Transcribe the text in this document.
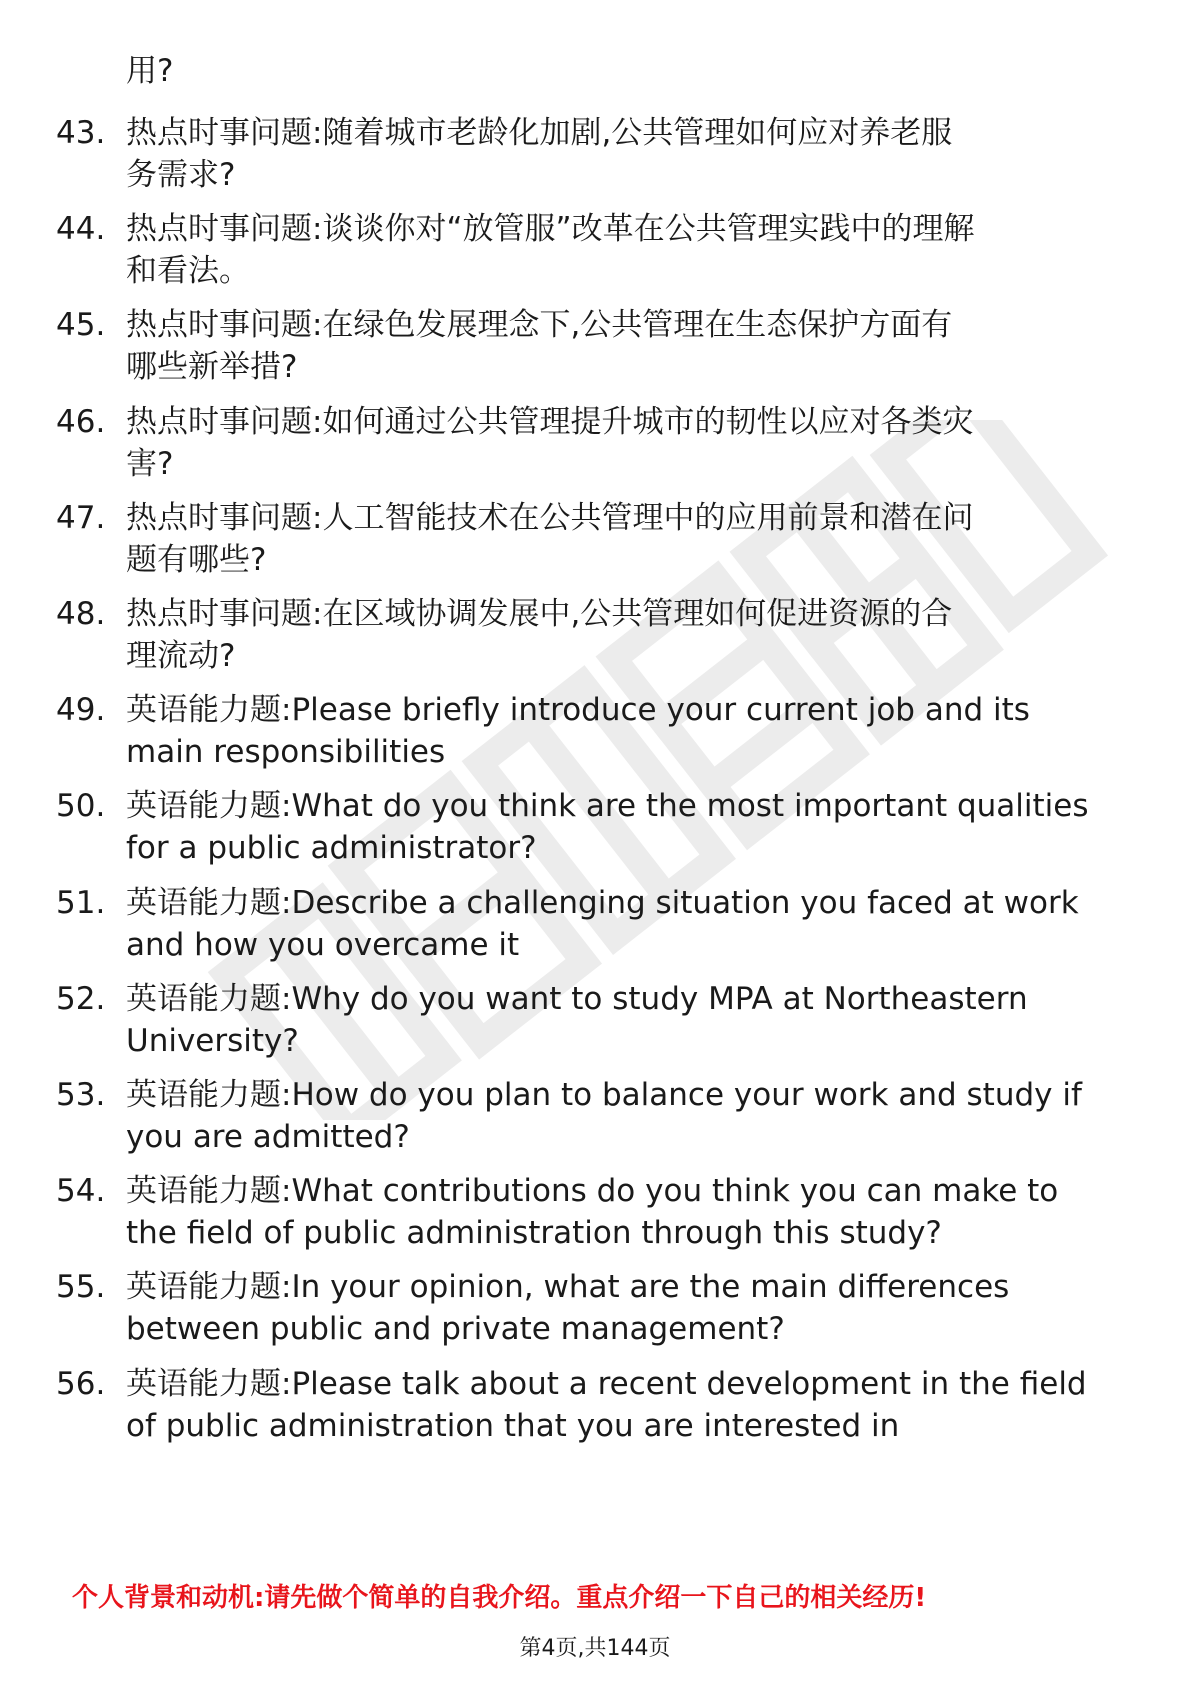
用?
43. 热点时事问题:随着城市老龄化加剧,公共管理如何应对养老服
务需求?
44. 热点时事问题:谈谈你对“放管服”改革在公共管理实践中的理解
和看法。
45. 热点时事问题:在绿色发展理念下,公共管理在生态保护方面有
哪些新举措?
46. 热点时事问题:如何通过公共管理提升城市的韧性以应对各类灾
害?
47. 热点时事问题:人工智能技术在公共管理中的应用前景和潜在问
题有哪些?
48. 热点时事问题:在区域协调发展中,公共管理如何促进资源的合
理流动?
49. 英语能力题:Please briefly introduce your current job and its
main responsibilities
50. 英语能力题:What do you think are the most important qualities
for a public administrator?
51. 英语能力题:Describe a challenging situation you faced at work
and how you overcame it
52. 英语能力题:Why do you want to study MPA at Northeastern
University?
53. 英语能力题:How do you plan to balance your work and study if
you are admitted?
54. 英语能力题:What contributions do you think you can make to
the field of public administration through this study?
55. 英语能力题:In your opinion, what are the main differences
between public and private management?
56. 英语能力题:Please talk about a recent development in the field
of public administration that you are interested in
个人背景和动机:请先做个简单的自我介绍。重点介绍一下自己的相关经历!
第4页,共144页
